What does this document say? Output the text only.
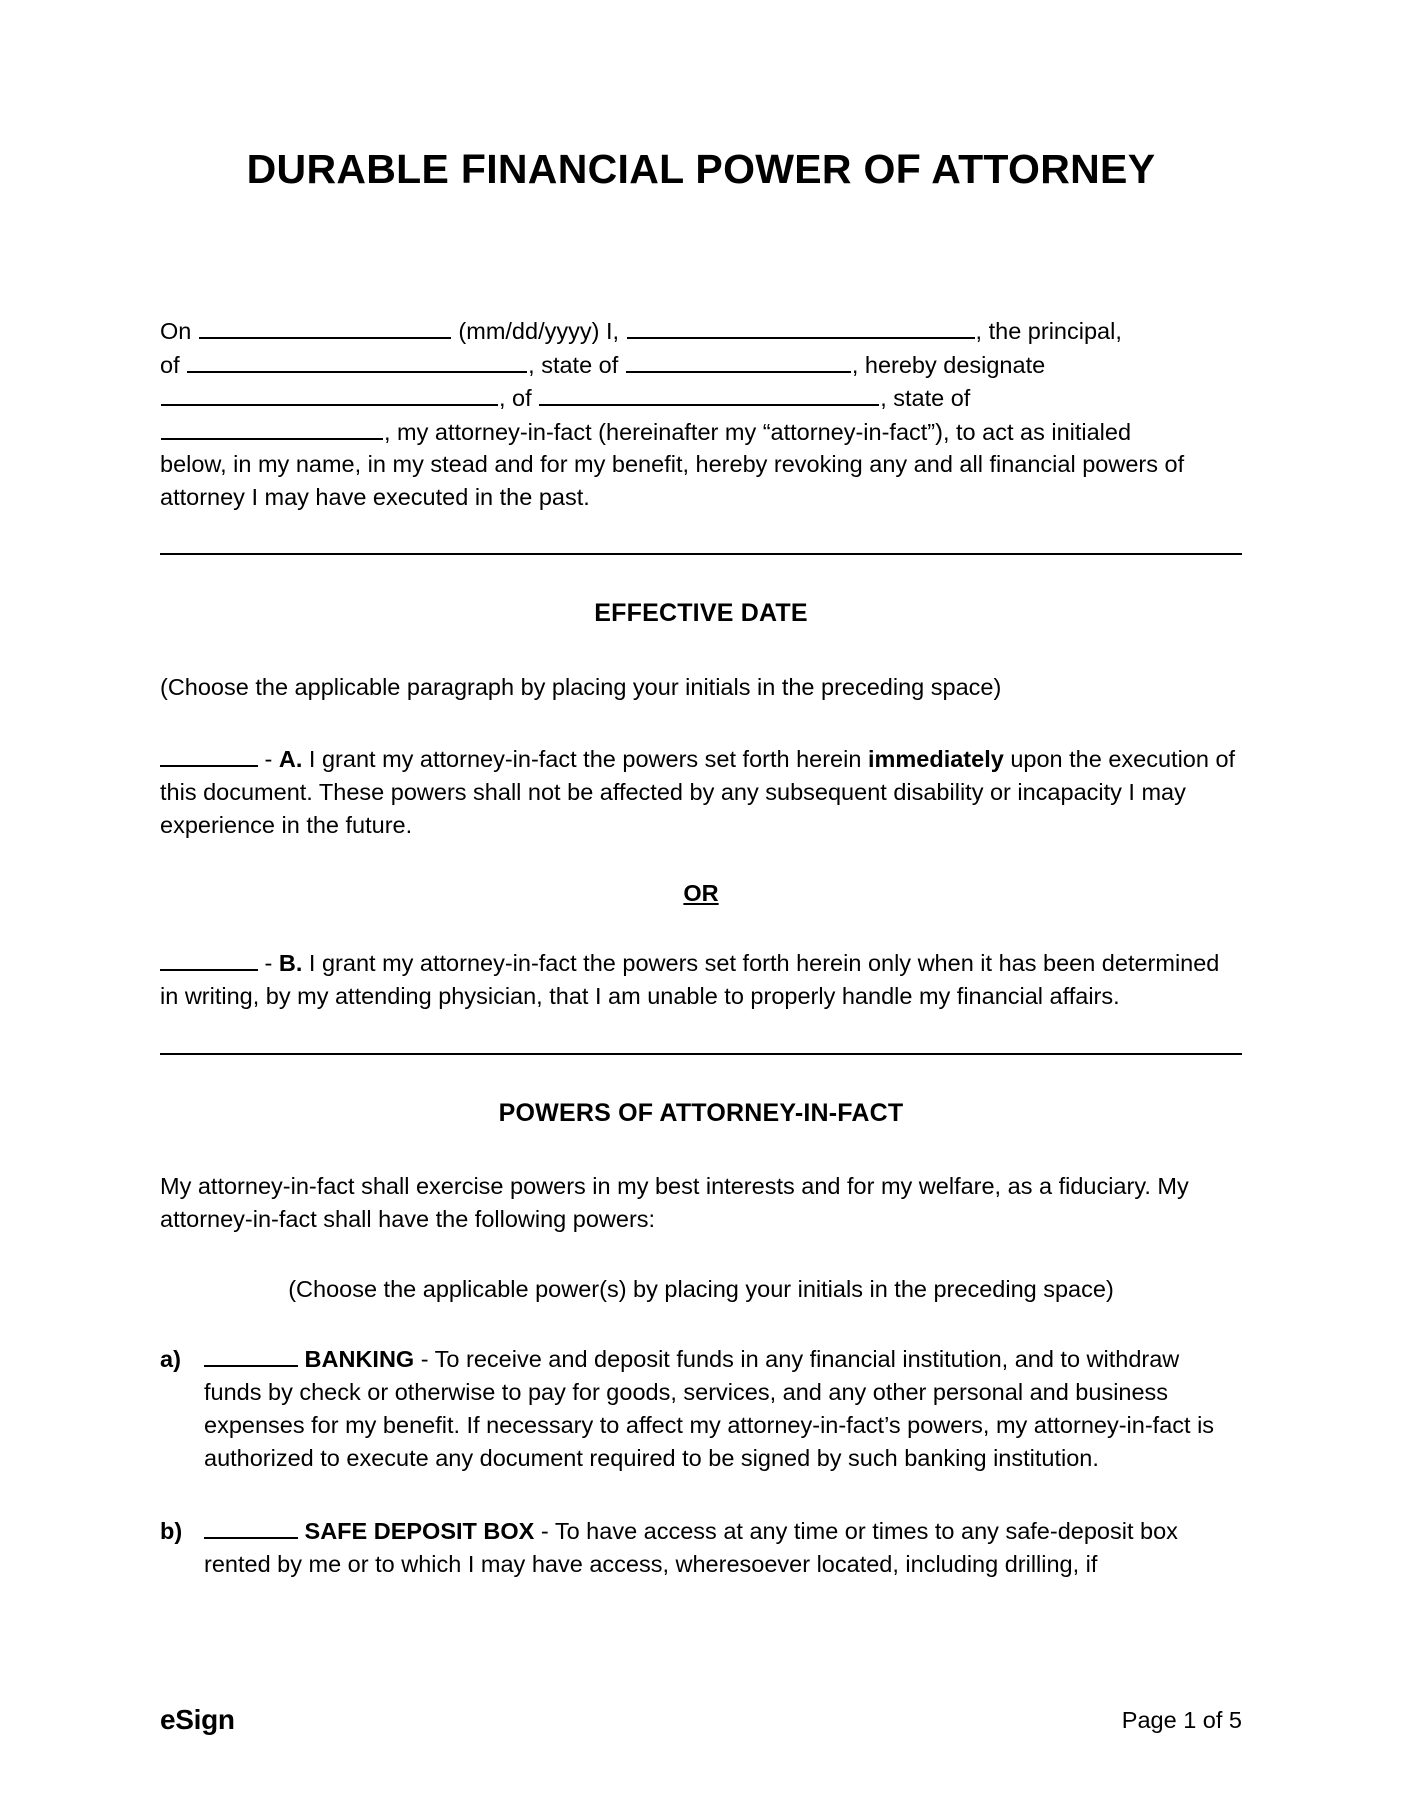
DURABLE FINANCIAL POWER OF ATTORNEY
On	(mm/dd/yyyy) I,	, the principal,
of	, state of	, hereby designate
, of	, state of
, my attorney-in-fact (hereinafter my “attorney-in-fact”), to act as initialed
below, in my name, in my stead and for my benefit, hereby revoking any and all financial powers of attorney I may have executed in the past.
EFFECTIVE DATE

(Choose the applicable paragraph by placing your initials in the preceding space)

- A. I grant my attorney-in-fact the powers set forth herein immediately upon the execution of this document. These powers shall not be affected by any subsequent disability or incapacity I may experience in the future.

OR

- B. I grant my attorney-in-fact the powers set forth herein only when it has been determined in writing, by my attending physician, that I am unable to properly handle my financial affairs.

POWERS OF ATTORNEY-IN-FACT

My attorney-in-fact shall exercise powers in my best interests and for my welfare, as a fiduciary. My attorney-in-fact shall have the following powers:

(Choose the applicable power(s) by placing your initials in the preceding space)

a)	BANKING - To receive and deposit funds in any financial institution, and to withdraw funds by check or otherwise to pay for goods, services, and any other personal and business expenses for my benefit. If necessary to affect my attorney-in-fact’s powers, my attorney-in-fact is authorized to execute any document required to be signed by such banking institution.
b)	SAFE DEPOSIT BOX - To have access at any time or times to any safe-deposit box rented by me or to which I may have access, wheresoever located, including drilling, if
eSign	Page 1 of 5
